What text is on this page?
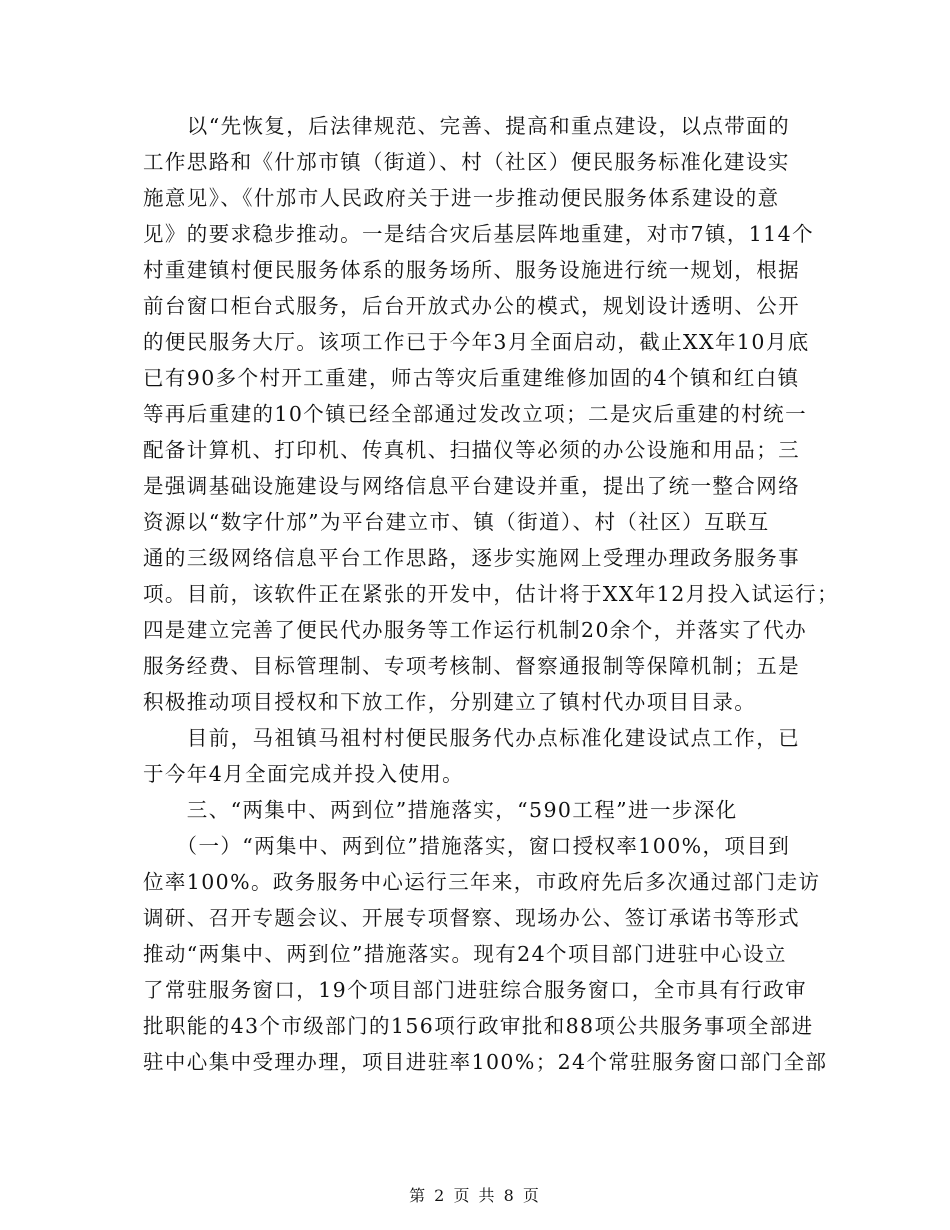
　　以“先恢复，后法律规范、完善、提高和重点建设，以点带面的
工作思路和《什邡市镇（街道）、村（社区）便民服务标准化建设实
施意见》、《什邡市人民政府关于进一步推动便民服务体系建设的意
见》的要求稳步推动。一是结合灾后基层阵地重建，对市7镇，114个
村重建镇村便民服务体系的服务场所、服务设施进行统一规划，根据
前台窗口柜台式服务，后台开放式办公的模式，规划设计透明、公开
的便民服务大厅。该项工作已于今年3月全面启动，截止XX年10月底
已有90多个村开工重建，师古等灾后重建维修加固的4个镇和红白镇
等再后重建的10个镇已经全部通过发改立项；二是灾后重建的村统一
配备计算机、打印机、传真机、扫描仪等必须的办公设施和用品；三
是强调基础设施建设与网络信息平台建设并重，提出了统一整合网络
资源以“数字什邡”为平台建立市、镇（街道）、村（社区）互联互
通的三级网络信息平台工作思路，逐步实施网上受理办理政务服务事
项。目前，该软件正在紧张的开发中，估计将于XX年12月投入试运行；
四是建立完善了便民代办服务等工作运行机制20余个，并落实了代办
服务经费、目标管理制、专项考核制、督察通报制等保障机制；五是
积极推动项目授权和下放工作，分别建立了镇村代办项目目录。
　　目前，马祖镇马祖村村便民服务代办点标准化建设试点工作，已
于今年4月全面完成并投入使用。
　　三、“两集中、两到位”措施落实，“590工程”进一步深化
　　（一）“两集中、两到位”措施落实，窗口授权率100%，项目到
位率100%。政务服务中心运行三年来，市政府先后多次通过部门走访
调研、召开专题会议、开展专项督察、现场办公、签订承诺书等形式
推动“两集中、两到位”措施落实。现有24个项目部门进驻中心设立
了常驻服务窗口，19个项目部门进驻综合服务窗口，全市具有行政审
批职能的43个市级部门的156项行政审批和88项公共服务事项全部进
驻中心集中受理办理，项目进驻率100%；24个常驻服务窗口部门全部
第 2 页 共 8 页
